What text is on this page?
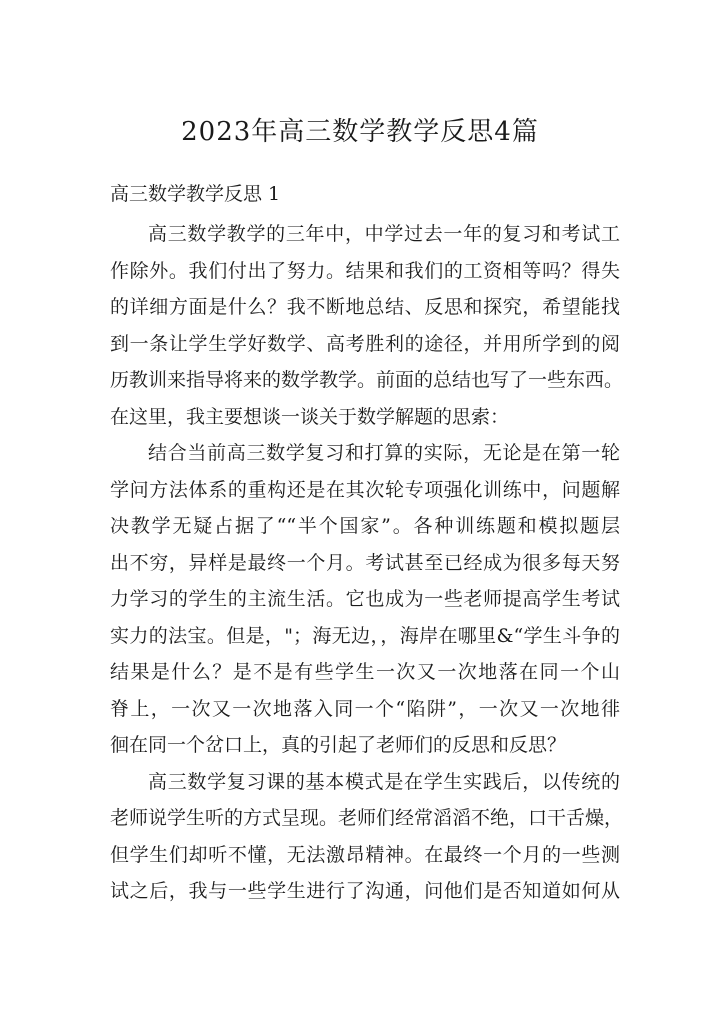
2023年高三数学教学反思4篇
高三数学教学反思 1
高三数学教学的三年中，中学过去一年的复习和考试工
作除外。我们付出了努力。结果和我们的工资相等吗？得失
的详细方面是什么？我不断地总结、反思和探究，希望能找
到一条让学生学好数学、高考胜利的途径，并用所学到的阅
历教训来指导将来的数学教学。前面的总结也写了一些东西。
在这里，我主要想谈一谈关于数学解题的思索：
结合当前高三数学复习和打算的实际，无论是在第一轮
学问方法体系的重构还是在其次轮专项强化训练中，问题解
决教学无疑占据了““半个国家”。各种训练题和模拟题层
出不穷，异样是最终一个月。考试甚至已经成为很多每天努
力学习的学生的主流生活。它也成为一些老师提高学生考试
实力的法宝。但是，"；海无边，，海岸在哪里&“学生斗争的
结果是什么？是不是有些学生一次又一次地落在同一个山
脊上，一次又一次地落入同一个“陷阱”，一次又一次地徘
徊在同一个岔口上，真的引起了老师们的反思和反思？
高三数学复习课的基本模式是在学生实践后，以传统的
老师说学生听的方式呈现。老师们经常滔滔不绝，口干舌燥，
但学生们却听不懂，无法激昂精神。在最终一个月的一些测
试之后，我与一些学生进行了沟通，问他们是否知道如何从
